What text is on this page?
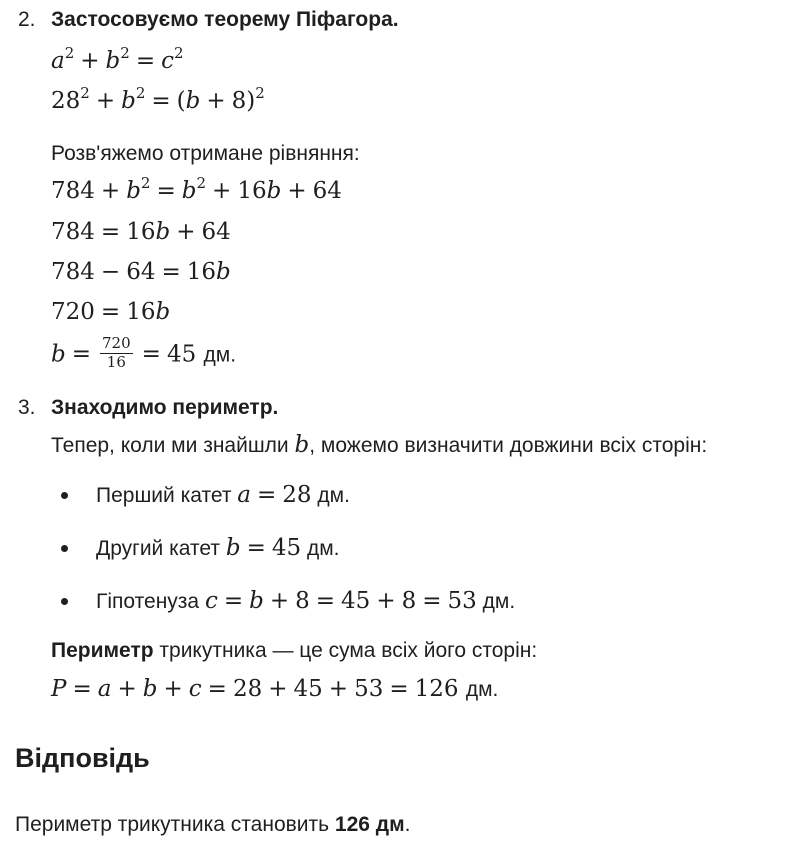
2. Застосовуємо теорему Піфагора.
$a^2 + b^2 = c^2$
$28^2 + b^2 = (b + 8)^2$
Розв'яжемо отримане рівняння:
$784 + b^2 = b^2 + 16b + 64$
784 = 16b + 64
784 − 64 = 16b
720 = 16b
$b = \frac{720}{16} = 45$ дм.
3. Знаходимо периметр.
Тепер, коли ми знайшли b, можемо визначити довжини всіх сторін:
Перший катет a = 28 дм.
Другий катет b = 45 дм.
Гіпотенуза c = b + 8 = 45 + 8 = 53 дм.
Периметр трикутника — це сума всіх його сторін:
P = a + b + c = 28 + 45 + 53 = 126 дм.
Відповідь
Периметр трикутника становить 126 дм.
